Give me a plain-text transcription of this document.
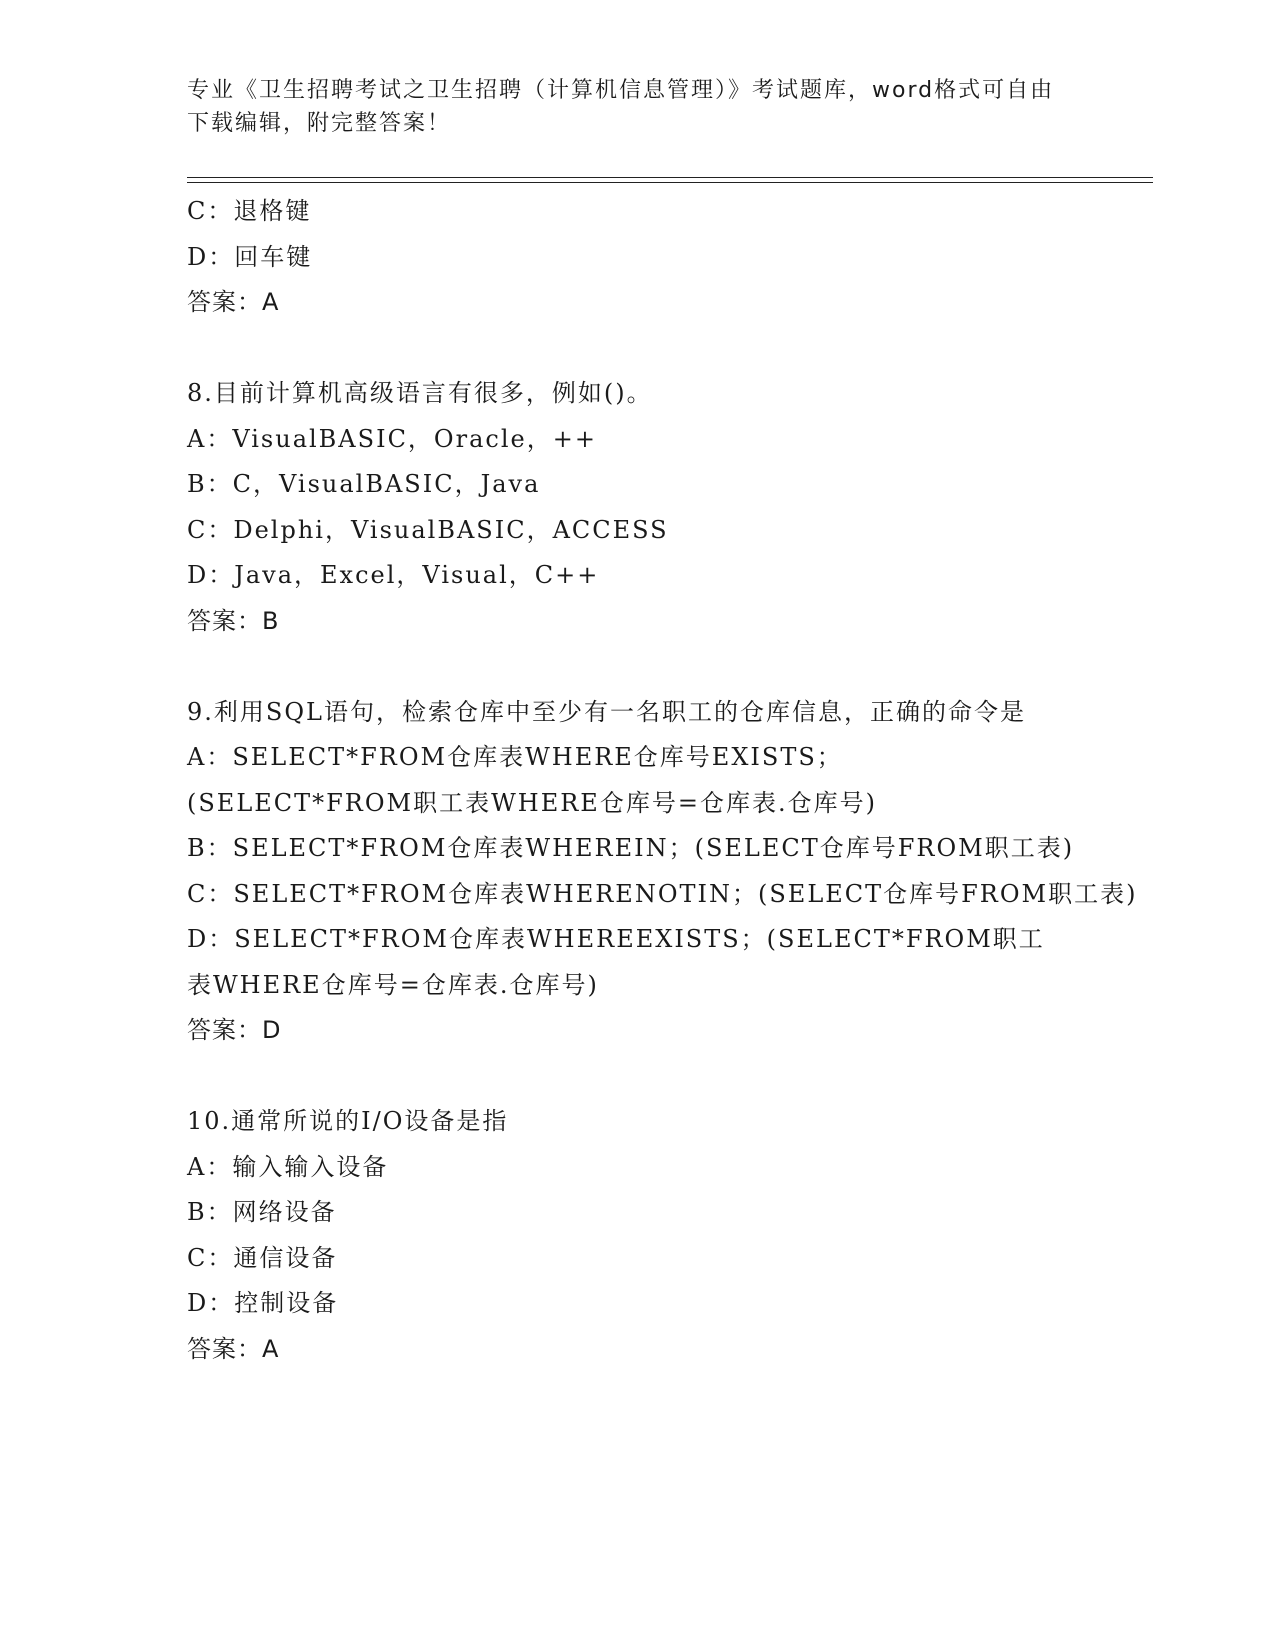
专业《卫生招聘考试之卫生招聘（计算机信息管理）》考试题库，word格式可自由下载编辑，附完整答案！
C：退格键
D：回车键
答案：A
8.目前计算机高级语言有很多，例如()。
A：VisualBASIC，Oracle，++
B：C，VisualBASIC，Java
C：Delphi，VisualBASIC，ACCESS
D：Java，Excel，Visual，C++
答案：B
9.利用SQL语句，检索仓库中至少有一名职工的仓库信息，正确的命令是
A：SELECT*FROM仓库表WHERE仓库号EXISTS；(SELECT*FROM职工表WHERE仓库号=仓库表.仓库号)
B：SELECT*FROM仓库表WHEREIN；(SELECT仓库号FROM职工表)
C：SELECT*FROM仓库表WHERENOTIN；(SELECT仓库号FROM职工表)
D：SELECT*FROM仓库表WHEREEXISTS；(SELECT*FROM职工表WHERE仓库号=仓库表.仓库号)
答案：D
10.通常所说的I/O设备是指
A：输入输入设备
B：网络设备
C：通信设备
D：控制设备
答案：A
